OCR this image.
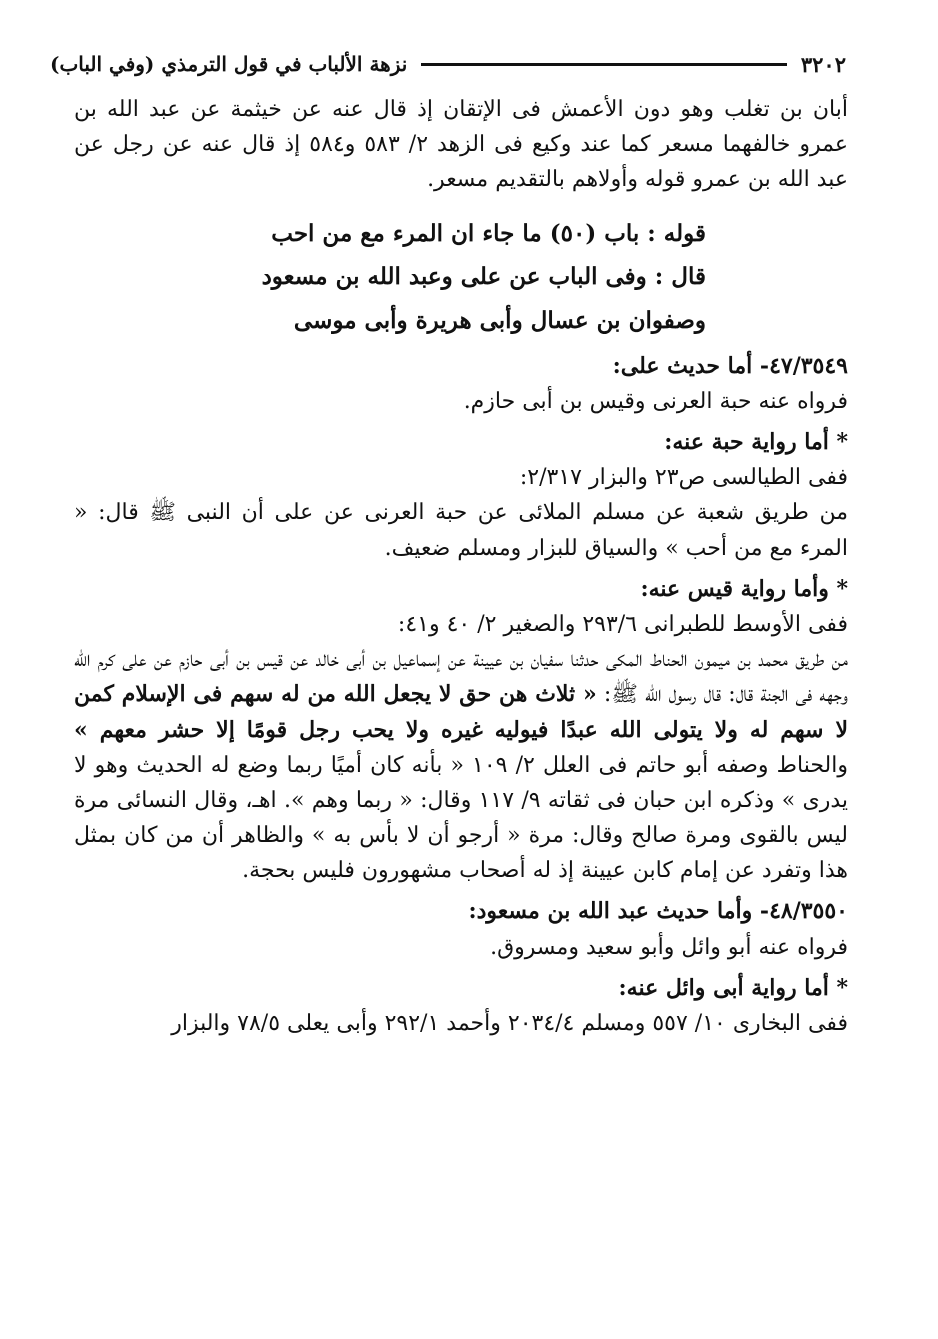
٣٢٠٢
نزهة الألباب في قول الترمذي (وفي الباب)

أبان بن تغلب وهو دون الأعمش فى الإتقان إذ قال عنه عن خيثمة عن عبد الله بن عمرو خالفهما مسعر كما عند وكيع فى الزهد ٢/ ٥٨٣ و٥٨٤ إذ قال عنه عن رجل عن عبد الله بن عمرو قوله وأولاهم بالتقديم مسعر.

قوله : باب (٥٠) ما جاء ان المرء مع من احب

قال : وفى الباب عن على وعبد الله بن مسعود

وصفوان بن عسال وأبى هريرة وأبى موسى

٤٧/٣٥٤٩- أما حديث على:

فرواه عنه حبة العرنى وقيس بن أبى حازم.

* أما رواية حبة عنه:

ففى الطيالسى ص٢٣ والبزار ٢/٣١٧:

من طريق شعبة عن مسلم الملائى عن حبة العرنى عن على أن النبى ﷺ قال: « المرء مع من أحب » والسياق للبزار ومسلم ضعيف.

* وأما رواية قيس عنه:

ففى الأوسط للطبرانى ٢٩٣/٦ والصغير ٢/ ٤٠ و٤١:

من طريق محمد بن ميمون الحناط المكى حدثنا سفيان بن عيينة عن إسماعيل بن أبى خالد عن قيس بن أبى حازم عن على كرم الله وجهه فى الجنة قال: قال رسول الله ﷺ: « ثلاث هن حق لا يجعل الله من له سهم فى الإسلام كمن لا سهم له ولا يتولى الله عبدًا فيوليه غيره ولا يحب رجل قومًا إلا حشر معهم » والحناط وصفه أبو حاتم فى العلل ٢/ ١٠٩ « بأنه كان أميًا ربما وضع له الحديث وهو لا يدرى » وذكره ابن حبان فى ثقاته ٩/ ١١٧ وقال: « ربما وهم ». اهـ، وقال النسائى مرة ليس بالقوى ومرة صالح وقال: مرة « أرجو أن لا بأس به » والظاهر أن من كان بمثل هذا وتفرد عن إمام كابن عيينة إذ له أصحاب مشهورون فليس بحجة.

٤٨/٣٥٥٠- وأما حديث عبد الله بن مسعود:

فرواه عنه أبو وائل وأبو سعيد ومسروق.

* أما رواية أبى وائل عنه:

ففى البخارى ١٠/ ٥٥٧ ومسلم ٢٠٣٤/٤ وأحمد ٢٩٢/١ وأبى يعلى ٧٨/٥ والبزار
